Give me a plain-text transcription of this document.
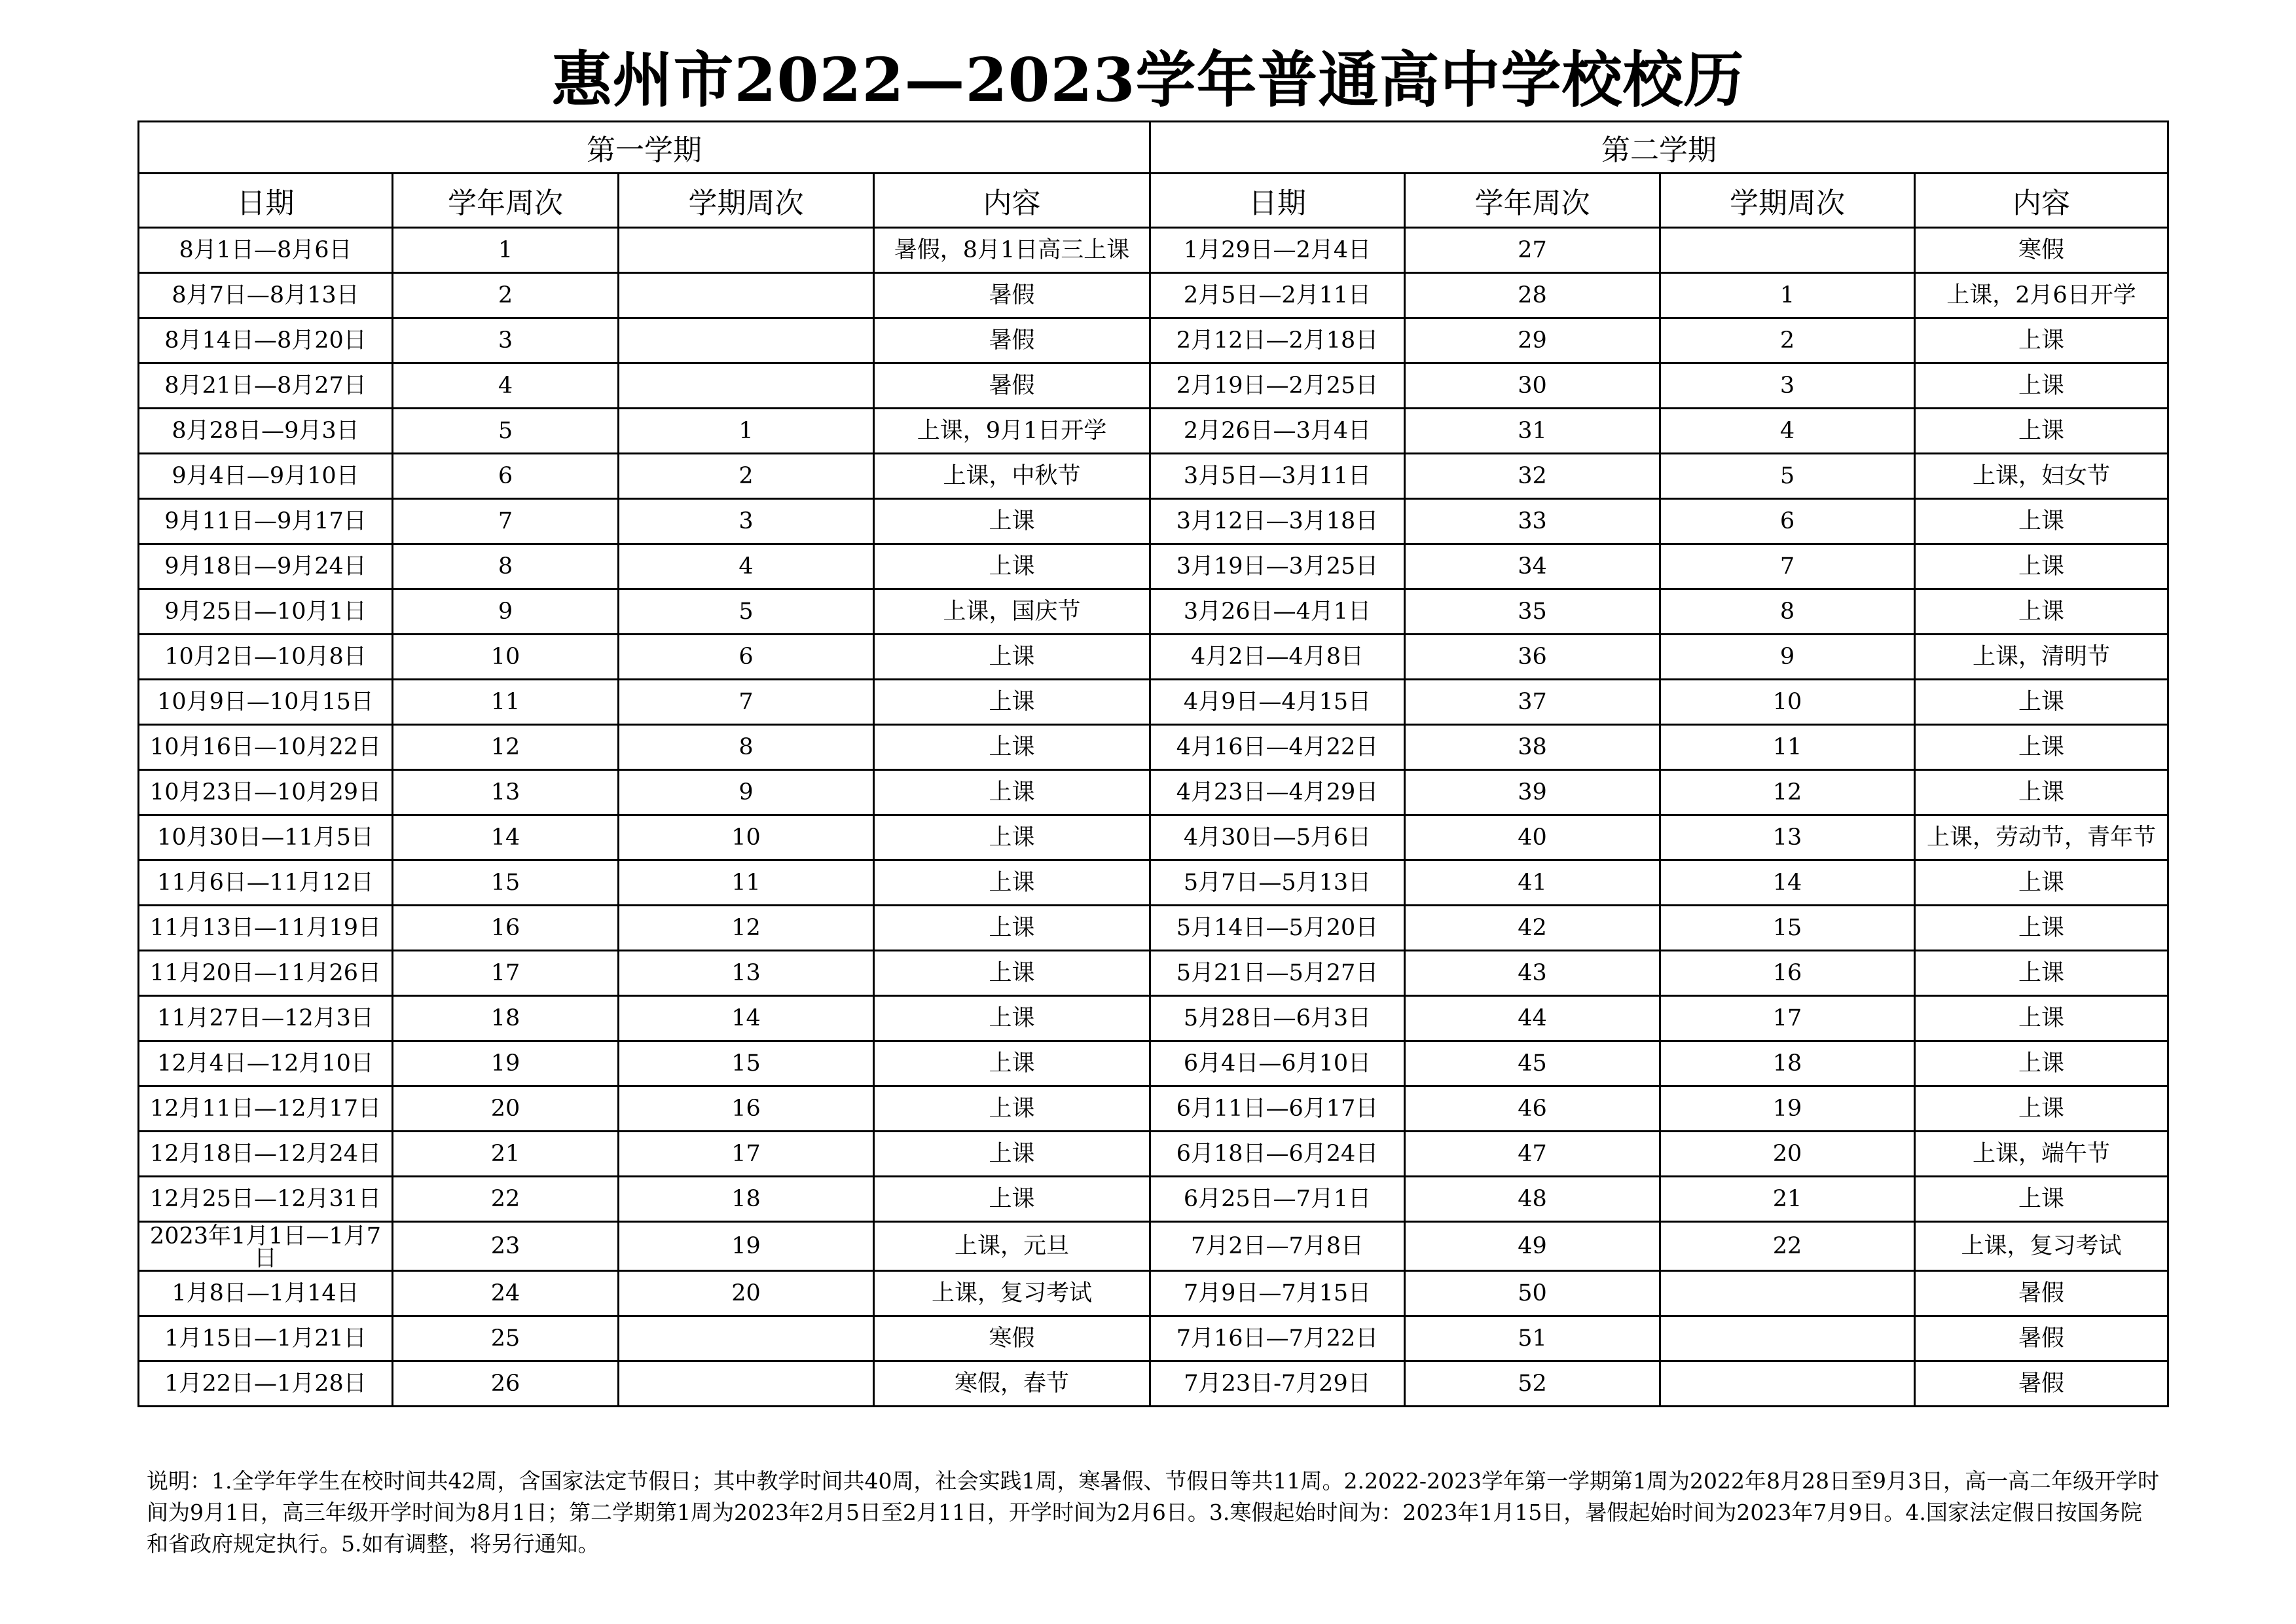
惠州市2022—2023学年普通高中学校校历
第一学期				第二学期			
日期	学年周次	学期周次	内容	日期	学年周次	学期周次	内容
8月1日—8月6日	1		暑假，8月1日高三上课	1月29日—2月4日	27		寒假
8月7日—8月13日	2		暑假	2月5日—2月11日	28	1	上课，2月6日开学
8月14日—8月20日	3		暑假	2月12日—2月18日	29	2	上课
8月21日—8月27日	4		暑假	2月19日—2月25日	30	3	上课
8月28日—9月3日	5	1	上课，9月1日开学	2月26日—3月4日	31	4	上课
9月4日—9月10日	6	2	上课，中秋节	3月5日—3月11日	32	5	上课，妇女节
9月11日—9月17日	7	3	上课	3月12日—3月18日	33	6	上课
9月18日—9月24日	8	4	上课	3月19日—3月25日	34	7	上课
9月25日—10月1日	9	5	上课，国庆节	3月26日—4月1日	35	8	上课
10月2日—10月8日	10	6	上课	4月2日—4月8日	36	9	上课，清明节
10月9日—10月15日	11	7	上课	4月9日—4月15日	37	10	上课
10月16日—10月22日	12	8	上课	4月16日—4月22日	38	11	上课
10月23日—10月29日	13	9	上课	4月23日—4月29日	39	12	上课
10月30日—11月5日	14	10	上课	4月30日—5月6日	40	13	上课，劳动节，青年节
11月6日—11月12日	15	11	上课	5月7日—5月13日	41	14	上课
11月13日—11月19日	16	12	上课	5月14日—5月20日	42	15	上课
11月20日—11月26日	17	13	上课	5月21日—5月27日	43	16	上课
11月27日—12月3日	18	14	上课	5月28日—6月3日	44	17	上课
12月4日—12月10日	19	15	上课	6月4日—6月10日	45	18	上课
12月11日—12月17日	20	16	上课	6月11日—6月17日	46	19	上课
12月18日—12月24日	21	17	上课	6月18日—6月24日	47	20	上课，端午节
12月25日—12月31日	22	18	上课	6月25日—7月1日	48	21	上课
2023年1月1日—1月7日	23	19	上课，元旦	7月2日—7月8日	49	22	上课，复习考试
1月8日—1月14日	24	20	上课，复习考试	7月9日—7月15日	50		暑假
1月15日—1月21日	25		寒假	7月16日—7月22日	51		暑假
1月22日—1月28日	26		寒假，春节	7月23日-7月29日	52		暑假
说明：1.全学年学生在校时间共42周，含国家法定节假日；其中教学时间共40周，社会实践1周，寒暑假、节假日等共11周。2.2022-2023学年第一学期第1周为2022年8月28日至9月3日，高一高二年级开学时间为9月1日，高三年级开学时间为8月1日；第二学期第1周为2023年2月5日至2月11日，开学时间为2月6日。3.寒假起始时间为：2023年1月15日，暑假起始时间为2023年7月9日。4.国家法定假日按国务院和省政府规定执行。5.如有调整，将另行通知。
